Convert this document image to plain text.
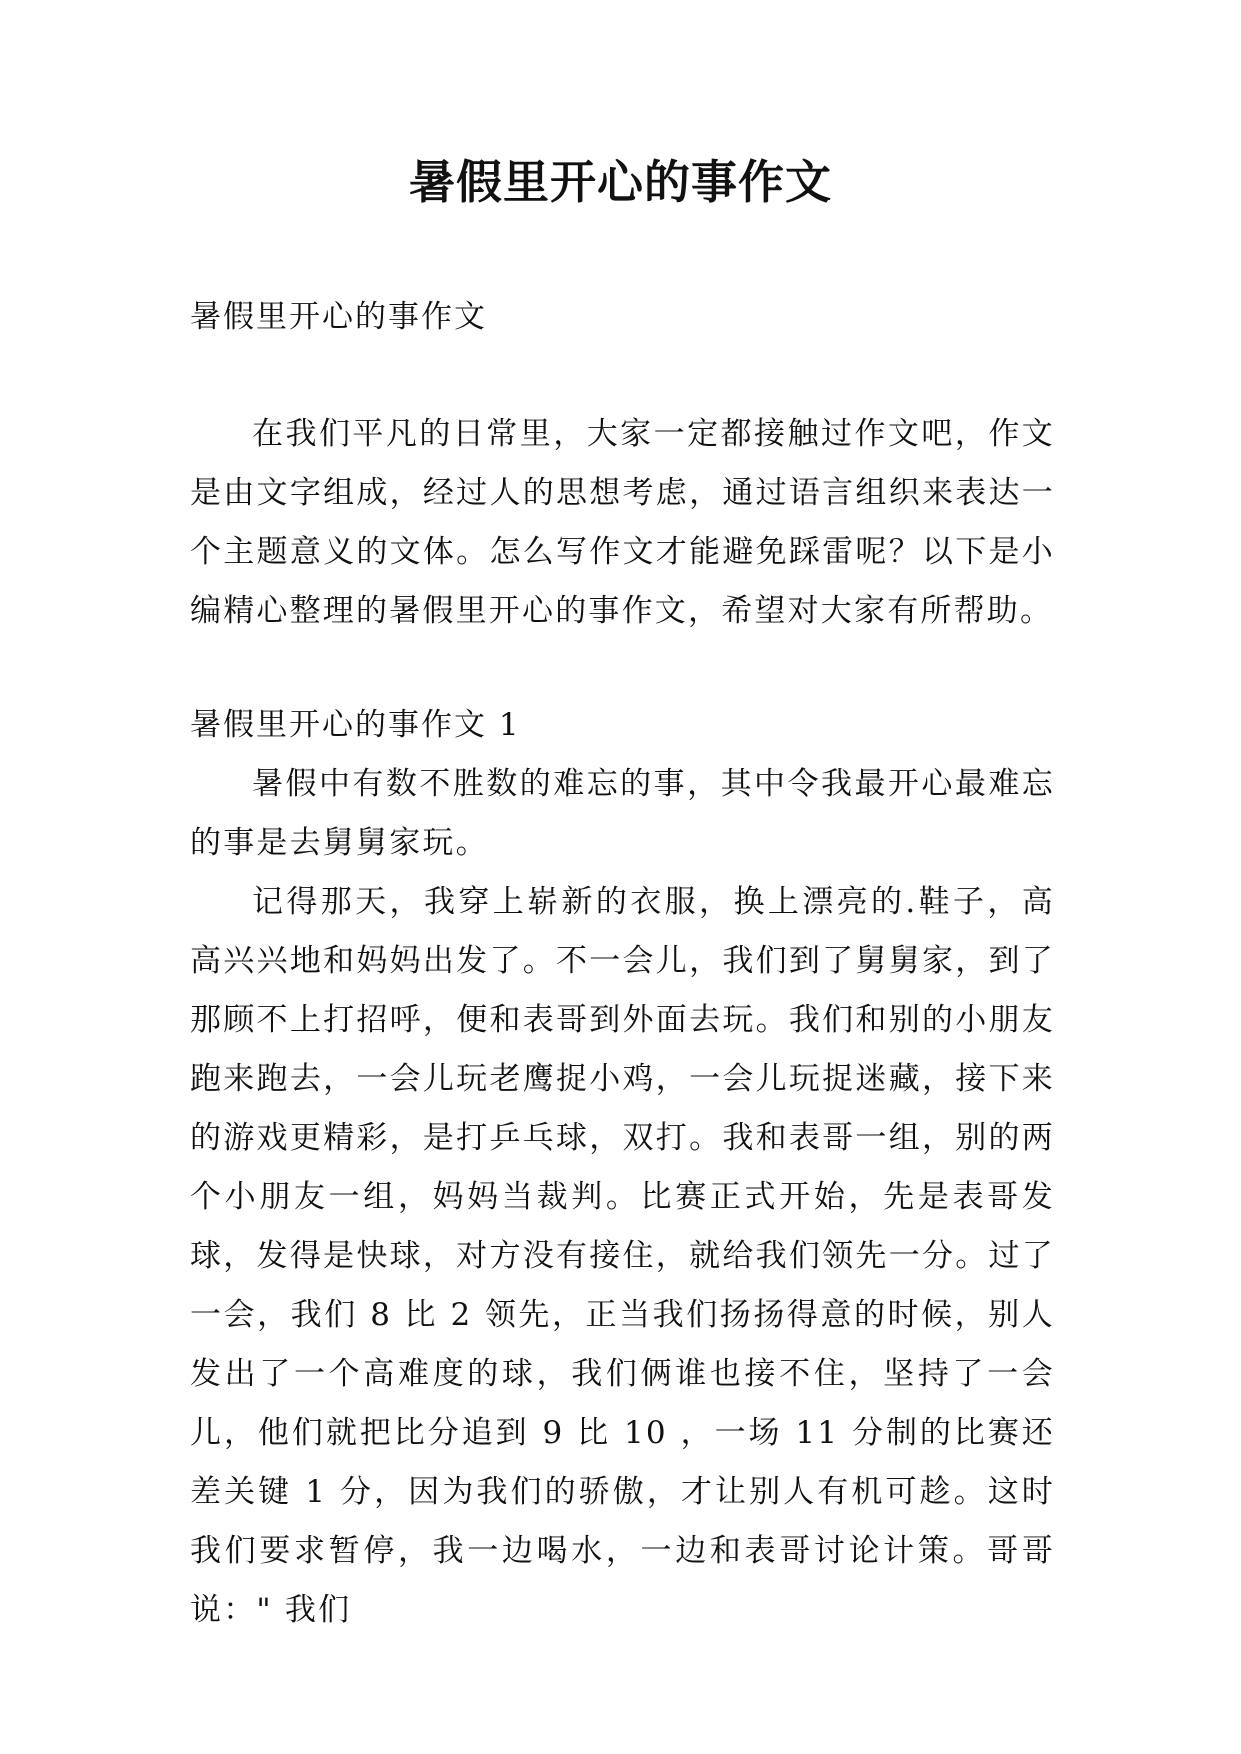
暑假里开心的事作文
暑假里开心的事作文

在我们平凡的日常里，大家一定都接触过作文吧，作文是由文字组成，经过人的思想考虑，通过语言组织来表达一个主题意义的文体。怎么写作文才能避免踩雷呢？以下是小编精心整理的暑假里开心的事作文，希望对大家有所帮助。

暑假里开心的事作文 1

暑假中有数不胜数的难忘的事，其中令我最开心最难忘的事是去舅舅家玩。

记得那天，我穿上崭新的衣服，换上漂亮的.鞋子，高高兴兴地和妈妈出发了。不一会儿，我们到了舅舅家，到了那顾不上打招呼，便和表哥到外面去玩。我们和别的小朋友跑来跑去，一会儿玩老鹰捉小鸡，一会儿玩捉迷藏，接下来的游戏更精彩，是打乒乓球，双打。我和表哥一组，别的两个小朋友一组，妈妈当裁判。比赛正式开始，先是表哥发球，发得是快球，对方没有接住，就给我们领先一分。过了一会，我们 8 比 2 领先，正当我们扬扬得意的时候，别人发出了一个高难度的球，我们俩谁也接不住，坚持了一会儿，他们就把比分追到 9 比 10 ，一场 11 分制的比赛还差关键 1 分，因为我们的骄傲，才让别人有机可趁。这时我们要求暂停，我一边喝水，一边和表哥讨论计策。哥哥说：" 我们
